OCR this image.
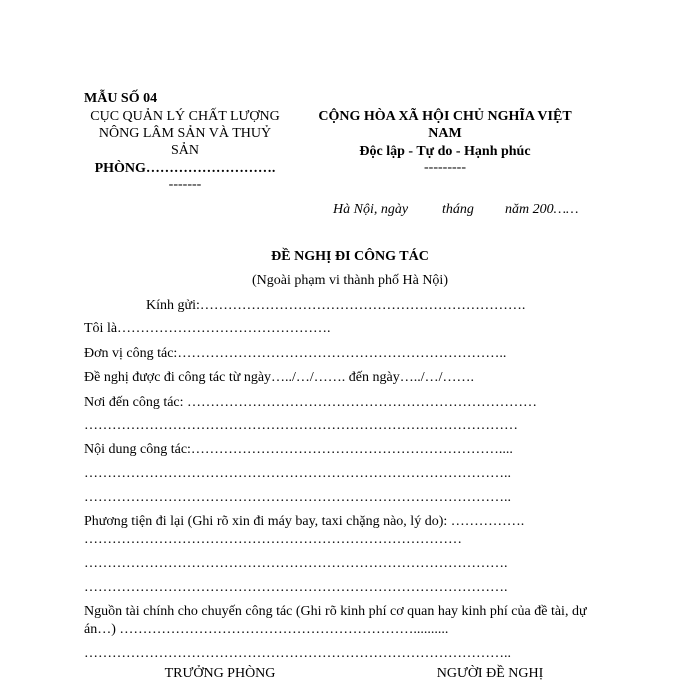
MẪU SỐ 04
CỤC QUẢN LÝ CHẤT LƯỢNG
NÔNG LÂM SẢN VÀ THUỶ
SẢN
PHÒNG……………………….
-------
CỘNG HÒA XÃ HỘI CHỦ NGHĨA VIỆT
NAM
Độc lập - Tự do - Hạnh phúc
---------
Hà Nội, ngày tháng năm 200……
ĐỀ NGHỊ ĐI CÔNG TÁC
(Ngoài phạm vi thành phố Hà Nội)
Kính gửi:…………………………………………………………….
Tôi là……………………………………….
Đơn vị công tác:……………………………………………………………..
Đề nghị được đi công tác từ ngày…../…/……. đến ngày…../…/…….
Nơi đến công tác: …………………………………………………………………
…………………………………………………………………………………
Nội dung công tác:…………………………………………………………....
………………………………………………………………………………..
………………………………………………………………………………..
Phương tiện đi lại (Ghi rõ xin đi máy bay, taxi chặng nào, lý do): …………….
………………………………………………………………………
……………………………………………………………………………….
……………………………………………………………………………….
Nguồn tài chính cho chuyến công tác (Ghi rõ kinh phí cơ quan hay kinh phí của đề tài, dự
án…) ………………………………………………………..........
………………………………………………………………………………..
TRƯỞNG PHÒNG	NGƯỜI ĐỀ NGHỊ
